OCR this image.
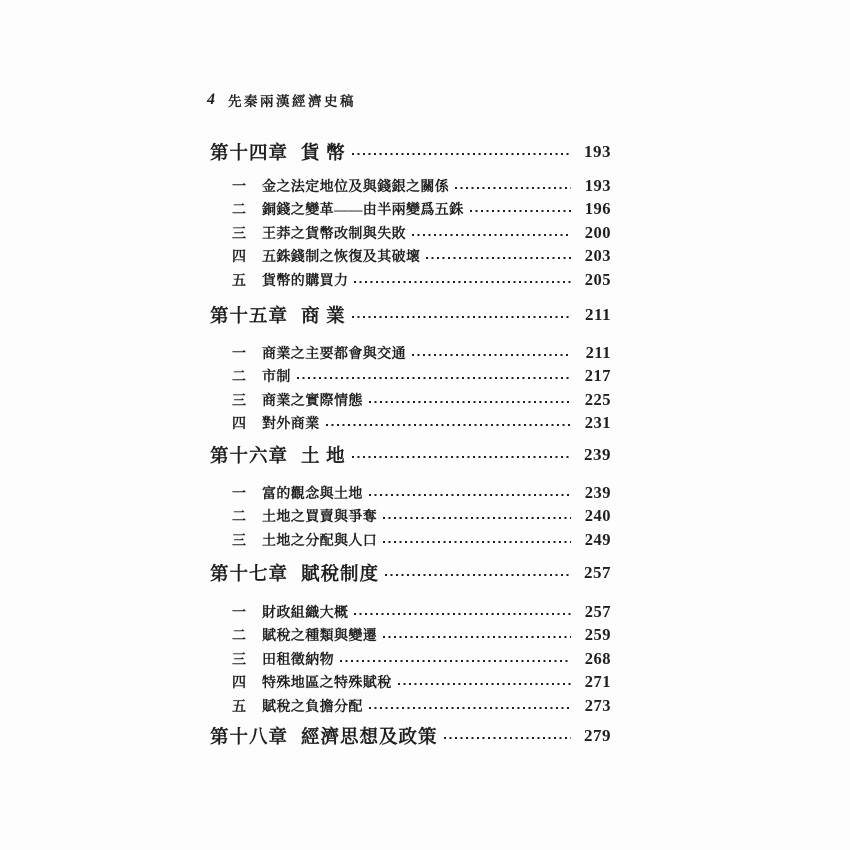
4 先秦兩漢經濟史稿
第十四章 貨 幣	193
一	金之法定地位及與錢銀之關係	193
二	銅錢之變革——由半兩變爲五銖	196
三	王莽之貨幣改制與失敗	200
四	五銖錢制之恢復及其破壞	203
五	貨幣的購買力	205
第十五章 商 業	211
一	商業之主要都會與交通	211
二	市制	217
三	商業之實際情態	225
四	對外商業	231
第十六章 土 地	239
一	富的觀念與土地	239
二	土地之買賣與爭奪	240
三	土地之分配與人口	249
第十七章 賦稅制度	257
一	財政組織大概	257
二	賦稅之種類與變遷	259
三	田租徵納物	268
四	特殊地區之特殊賦稅	271
五	賦稅之負擔分配	273
第十八章 經濟思想及政策	279
